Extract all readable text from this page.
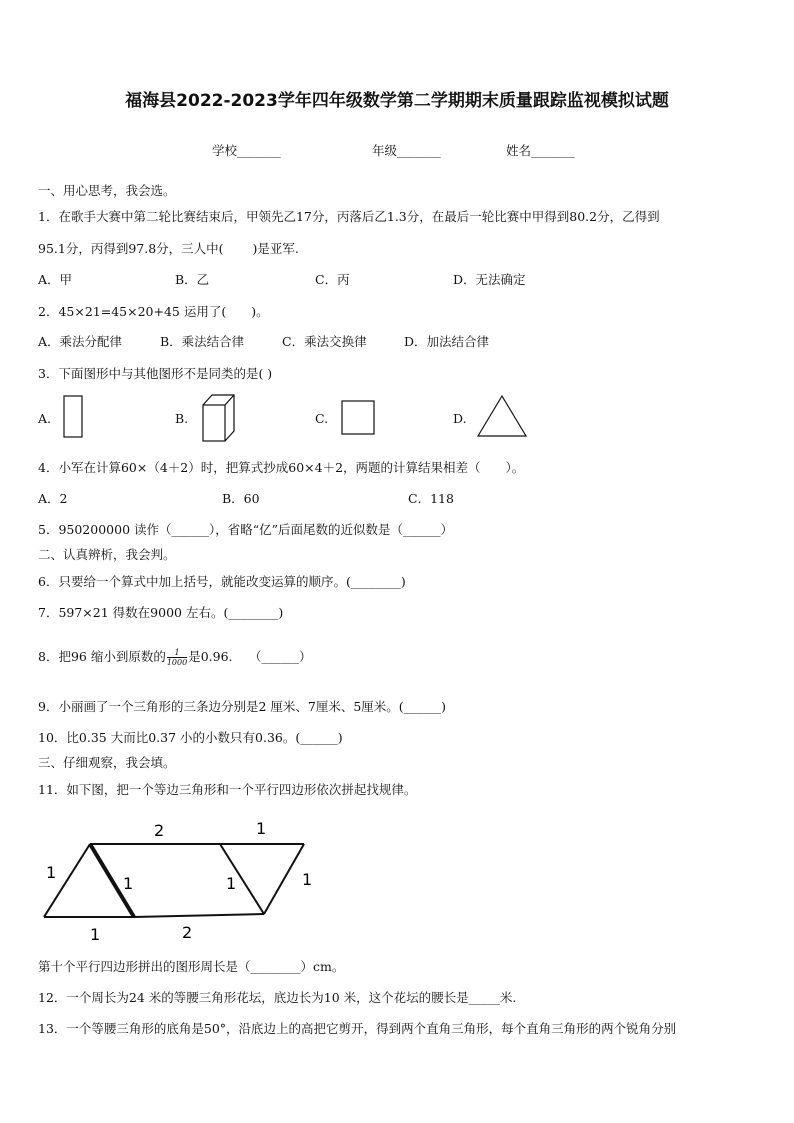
福海县2022-2023学年四年级数学第二学期期末质量跟踪监视模拟试题
学校_______	年级_______	姓名_______
一、用心思考，我会选。
1．在歌手大赛中第二轮比赛结束后，甲领先乙17分，丙落后乙1.3分，在最后一轮比赛中甲得到80.2分，乙得到
95.1分，丙得到97.8分，三人中(　　 )是亚军.
A．甲	B．乙	C．丙	D．无法确定
2．45×21=45×20+45 运用了(　　)。
A．乘法分配律	B．乘法结合律	C．乘法交换律	D．加法结合律
3．下面图形中与其他图形不是同类的是( )
A.	B.	C.	D.
4．小军在计算60×（4＋2）时，把算式抄成60×4＋2，两题的计算结果相差（　　）。
A．2	B．60	C．118
5．950200000 读作（______），省略“亿”后面尾数的近似数是（______）
二、认真辨析，我会判。
6．只要给一个算式中加上括号，就能改变运算的顺序。(________)
7．597×21 得数在9000 左右。(________)
8．把96 缩小到原数的 $\frac{1}{1000}$ 是0.96.　 （______）
9．小丽画了一个三角形的三条边分别是2 厘米、7厘米、5厘米。(______)
10．比0.35 大而比0.37 小的小数只有0.36。(______)
三、仔细观察，我会填。
11．如下图，把一个等边三角形和一个平行四边形依次拼起找规律。
1
1
2
2
1	1
1
1
第十个平行四边形拼出的图形周长是（________）cm。
12．一个周长为24 米的等腰三角形花坛，底边长为10 米，这个花坛的腰长是_____米.
13．一个等腰三角形的底角是50°，沿底边上的高把它剪开，得到两个直角三角形，每个直角三角形的两个锐角分别
